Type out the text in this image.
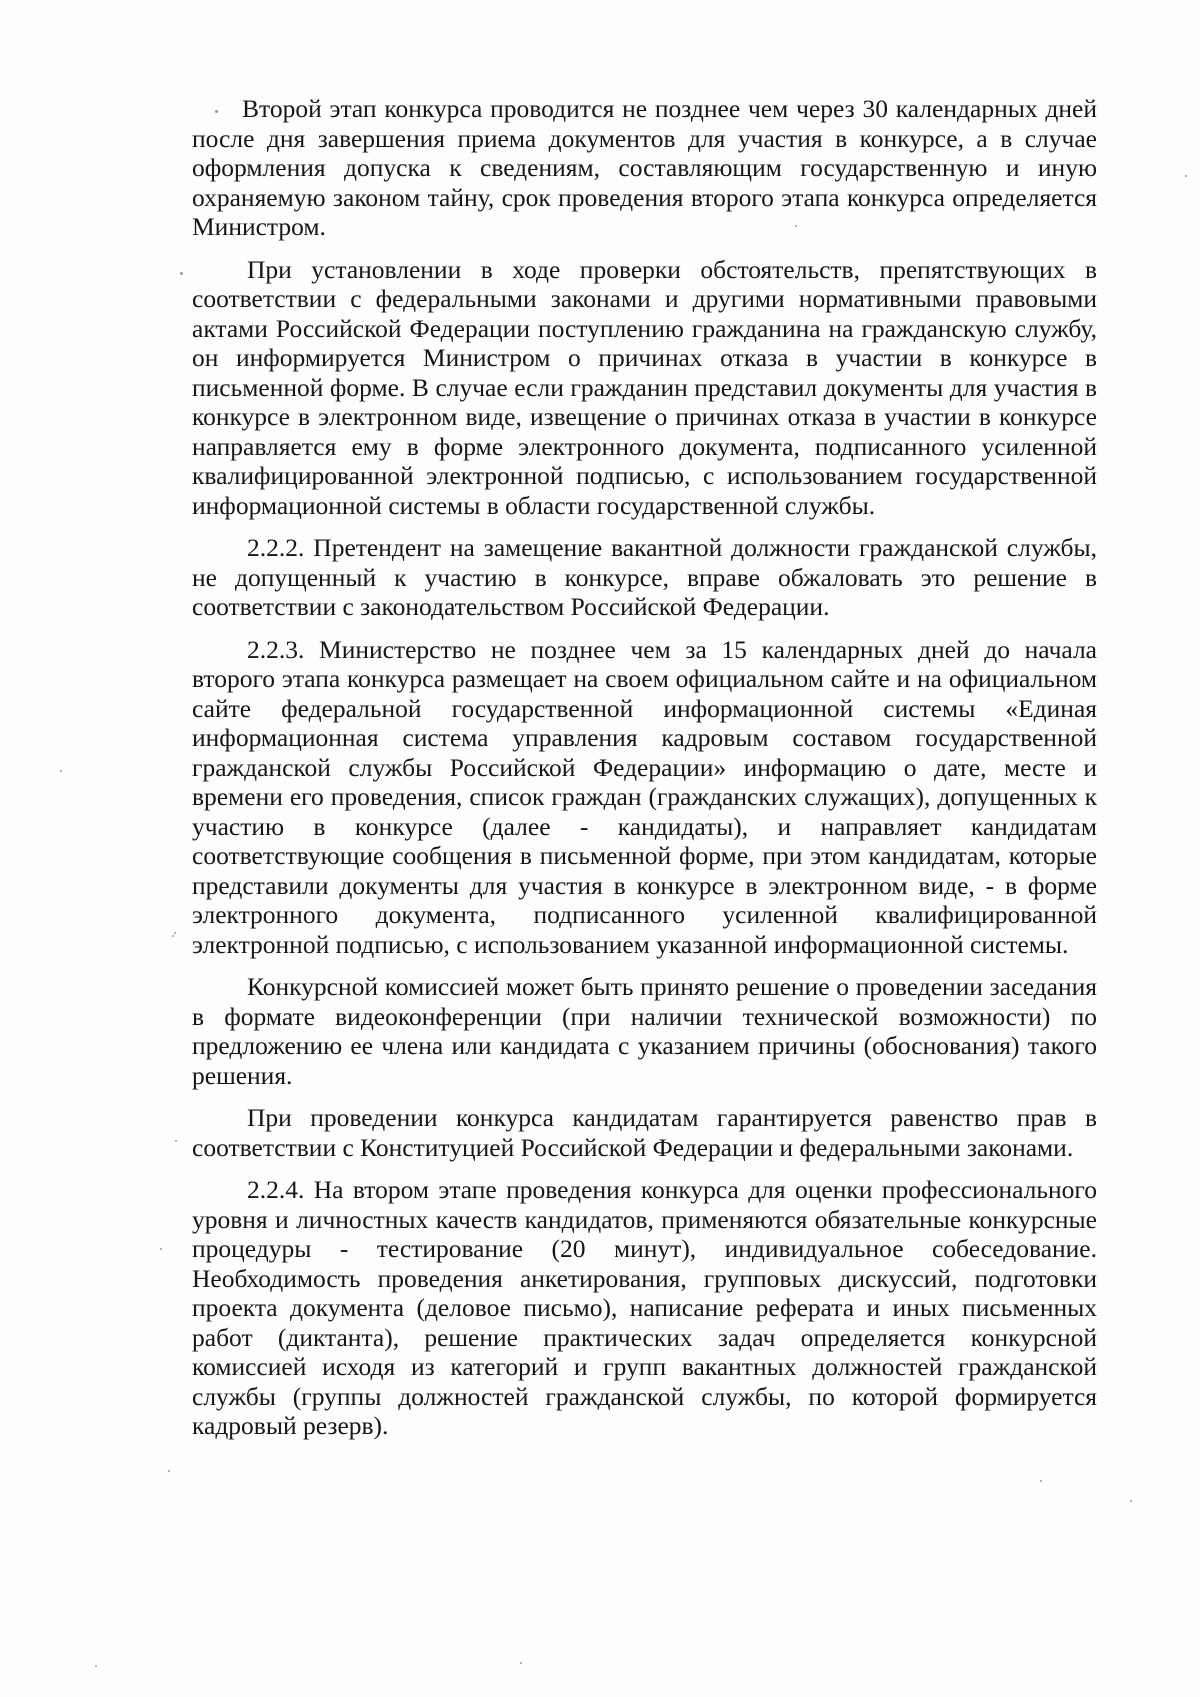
Второй этап конкурса проводится не позднее чем через 30 календарных дней после дня завершения приема документов для участия в конкурсе, а в случае оформления допуска к сведениям, составляющим государственную и иную охраняемую законом тайну, срок проведения второго этапа конкурса определяется Министром.

При установлении в ходе проверки обстоятельств, препятствующих в соответствии с федеральными законами и другими нормативными правовыми актами Российской Федерации поступлению гражданина на гражданскую службу, он информируется Министром о причинах отказа в участии в конкурсе в письменной форме. В случае если гражданин представил документы для участия в конкурсе в электронном виде, извещение о причинах отказа в участии в конкурсе направляется ему в форме электронного документа, подписанного усиленной квалифицированной электронной подписью, с использованием государственной информационной системы в области государственной службы.

2.2.2. Претендент на замещение вакантной должности гражданской службы, не допущенный к участию в конкурсе, вправе обжаловать это решение в соответствии с законодательством Российской Федерации.

2.2.3. Министерство не позднее чем за 15 календарных дней до начала второго этапа конкурса размещает на своем официальном сайте и на официальном сайте федеральной государственной информационной системы «Единая информационная система управления кадровым составом государственной гражданской службы Российской Федерации» информацию о дате, месте и времени его проведения, список граждан (гражданских служащих), допущенных к участию в конкурсе (далее - кандидаты), и направляет кандидатам соответствующие сообщения в письменной форме, при этом кандидатам, которые представили документы для участия в конкурсе в электронном виде, - в форме электронного документа, подписанного усиленной квалифицированной электронной подписью, с использованием указанной информационной системы.

Конкурсной комиссией может быть принято решение о проведении заседания в формате видеоконференции (при наличии технической возможности) по предложению ее члена или кандидата с указанием причины (обоснования) такого решения.

При проведении конкурса кандидатам гарантируется равенство прав в соответствии с Конституцией Российской Федерации и федеральными законами.

2.2.4. На втором этапе проведения конкурса для оценки профессионального уровня и личностных качеств кандидатов, применяются обязательные конкурсные процедуры - тестирование (20 минут), индивидуальное собеседование. Необходимость проведения анкетирования, групповых дискуссий, подготовки проекта документа (деловое письмо), написание реферата и иных письменных работ (диктанта), решение практических задач определяется конкурсной комиссией исходя из категорий и групп вакантных должностей гражданской службы (группы должностей гражданской службы, по которой формируется кадровый резерв).
